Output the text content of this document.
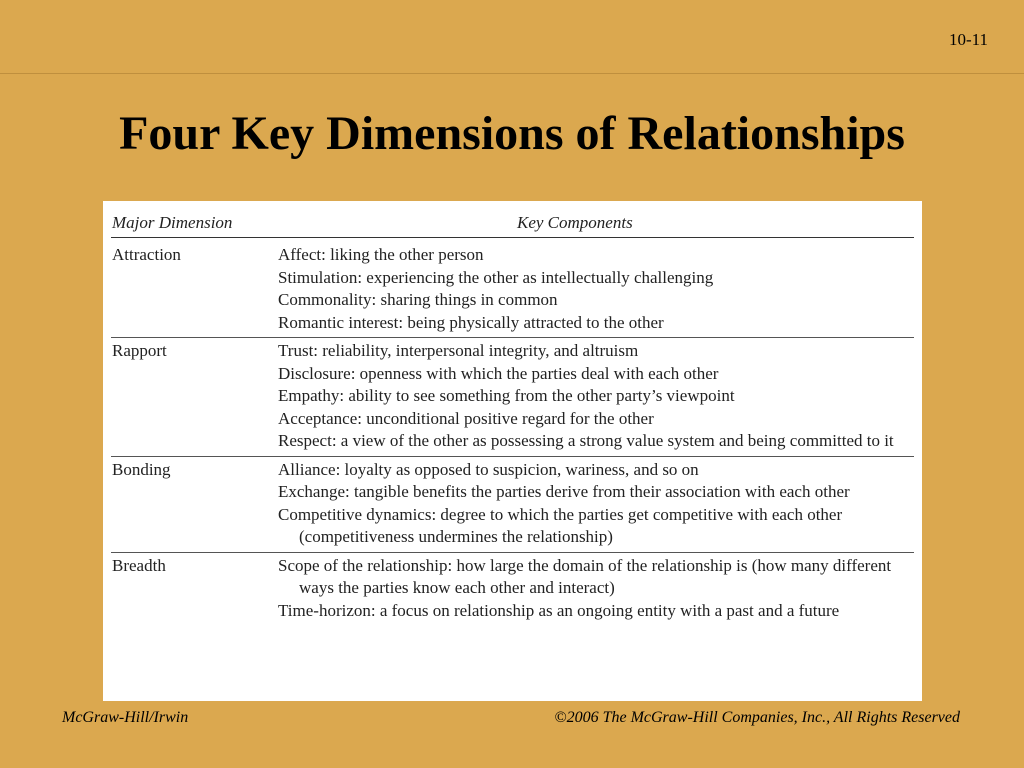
10-11
Four Key Dimensions of Relationships
Major Dimension	Key Components
Attraction	Affect: liking the other person
Stimulation: experiencing the other as intellectually challenging
Commonality: sharing things in common
Romantic interest: being physically attracted to the other
Rapport	Trust: reliability, interpersonal integrity, and altruism
Disclosure: openness with which the parties deal with each other
Empathy: ability to see something from the other party’s viewpoint
Acceptance: unconditional positive regard for the other
Respect: a view of the other as possessing a strong value system and being committed to it
Bonding	Alliance: loyalty as opposed to suspicion, wariness, and so on
Exchange: tangible benefits the parties derive from their association with each other
Competitive dynamics: degree to which the parties get competitive with each other (competitiveness undermines the relationship)
Breadth	Scope of the relationship: how large the domain of the relationship is (how many different ways the parties know each other and interact)
Time-horizon: a focus on relationship as an ongoing entity with a past and a future
McGraw-Hill/Irwin	©2006 The McGraw-Hill Companies, Inc., All Rights Reserved
